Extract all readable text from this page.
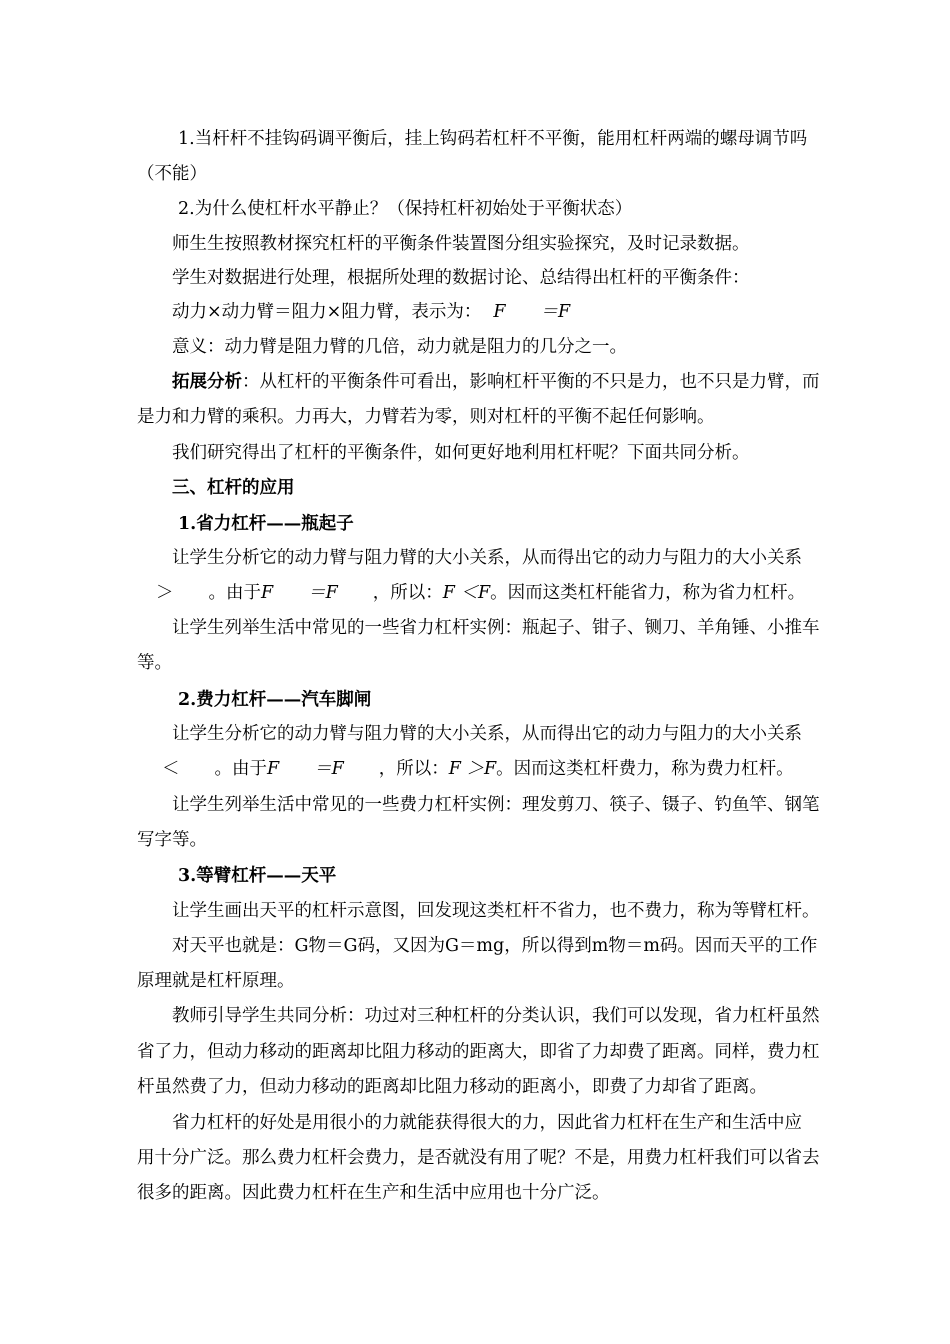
1.当杆杆不挂钩码调平衡后，挂上钩码若杠杆不平衡，能用杠杆两端的螺母调节吗
（不能）
2.为什么使杠杆水平静止？（保持杠杆初始处于平衡状态）
师生生按照教材探究杠杆的平衡条件装置图分组实验探究，及时记录数据。
学生对数据进行处理，根据所处理的数据讨论、总结得出杠杆的平衡条件：
动力×动力臂＝阻力×阻力臂，表示为： F　　＝F
意义：动力臂是阻力臂的几倍，动力就是阻力的几分之一。
拓展分析：从杠杆的平衡条件可看出，影响杠杆平衡的不只是力，也不只是力臂，而
是力和力臂的乘积。力再大，力臂若为零，则对杠杆的平衡不起任何影响。
我们研究得出了杠杆的平衡条件，如何更好地利用杠杆呢？下面共同分析。
三、杠杆的应用
1.省力杠杆——瓶起子
让学生分析它的动力臂与阻力臂的大小关系，从而得出它的动力与阻力的大小关系
＞　　。由于F　　＝F　　，所以：F ＜F。因而这类杠杆能省力，称为省力杠杆。
让学生列举生活中常见的一些省力杠杆实例：瓶起子、钳子、铡刀、羊角锤、小推车
等。
2.费力杠杆——汽车脚闸
让学生分析它的动力臂与阻力臂的大小关系，从而得出它的动力与阻力的大小关系
＜　　。由于F　　＝F　　，所以：F ＞F。因而这类杠杆费力，称为费力杠杆。
让学生列举生活中常见的一些费力杠杆实例：理发剪刀、筷子、镊子、钓鱼竿、钢笔
写字等。
3.等臂杠杆——天平
让学生画出天平的杠杆示意图，回发现这类杠杆不省力，也不费力，称为等臂杠杆。
对天平也就是：G物＝G码，又因为G＝mg，所以得到m物＝m码。因而天平的工作
原理就是杠杆原理。
教师引导学生共同分析：功过对三种杠杆的分类认识，我们可以发现，省力杠杆虽然
省了力，但动力移动的距离却比阻力移动的距离大，即省了力却费了距离。同样，费力杠
杆虽然费了力，但动力移动的距离却比阻力移动的距离小，即费了力却省了距离。
省力杠杆的好处是用很小的力就能获得很大的力，因此省力杠杆在生产和生活中应
用十分广泛。那么费力杠杆会费力，是否就没有用了呢？不是，用费力杠杆我们可以省去
很多的距离。因此费力杠杆在生产和生活中应用也十分广泛。
